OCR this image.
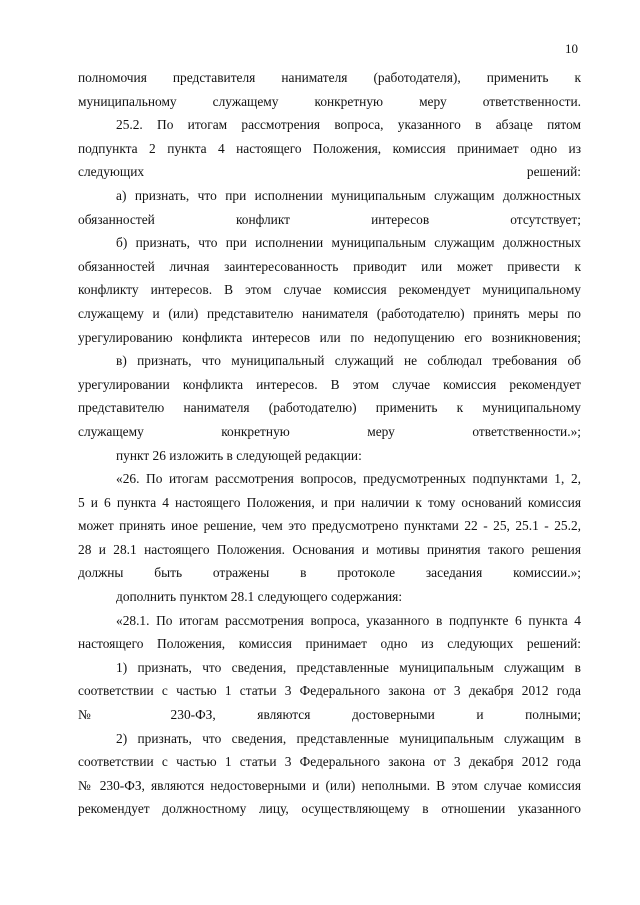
10

полномочия представителя нанимателя (работодателя), применить к
муниципальному служащему конкретную меру ответственности.

25.2. По итогам рассмотрения вопроса, указанного в абзаце пятом
подпункта 2 пункта 4 настоящего Положения, комиссия принимает одно из
следующих решений:

а) признать, что при исполнении муниципальным служащим должностных
обязанностей конфликт интересов отсутствует;

б) признать, что при исполнении муниципальным служащим должностных
обязанностей личная заинтересованность приводит или может привести к
конфликту интересов. В этом случае комиссия рекомендует муниципальному
служащему и (или) представителю нанимателя (работодателю) принять меры по
урегулированию конфликта интересов или по недопущению его возникновения;

в) признать, что муниципальный служащий не соблюдал требования об
урегулировании конфликта интересов. В этом случае комиссия рекомендует
представителю нанимателя (работодателю) применить к муниципальному
служащему конкретную меру ответственности.»;

пункт 26 изложить в следующей редакции:

«26. По итогам рассмотрения вопросов, предусмотренных подпунктами 1, 2,
5 и 6 пункта 4 настоящего Положения, и при наличии к тому оснований комиссия
может принять иное решение, чем это предусмотрено пунктами 22 - 25, 25.1 - 25.2,
28 и 28.1 настоящего Положения. Основания и мотивы принятия такого решения
должны быть отражены в протоколе заседания комиссии.»;

дополнить пунктом 28.1 следующего содержания:

«28.1. По итогам рассмотрения вопроса, указанного в подпункте 6 пункта 4
настоящего Положения, комиссия принимает одно из следующих решений:

1) признать, что сведения, представленные муниципальным служащим в
соответствии с частью 1 статьи 3 Федерального закона от 3 декабря 2012 года
№ 230-ФЗ, являются достоверными и полными;

2) признать, что сведения, представленные муниципальным служащим в
соответствии с частью 1 статьи 3 Федерального закона от 3 декабря 2012 года
№ 230-ФЗ, являются недостоверными и (или) неполными. В этом случае комиссия
рекомендует должностному лицу, осуществляющему в отношении указанного
